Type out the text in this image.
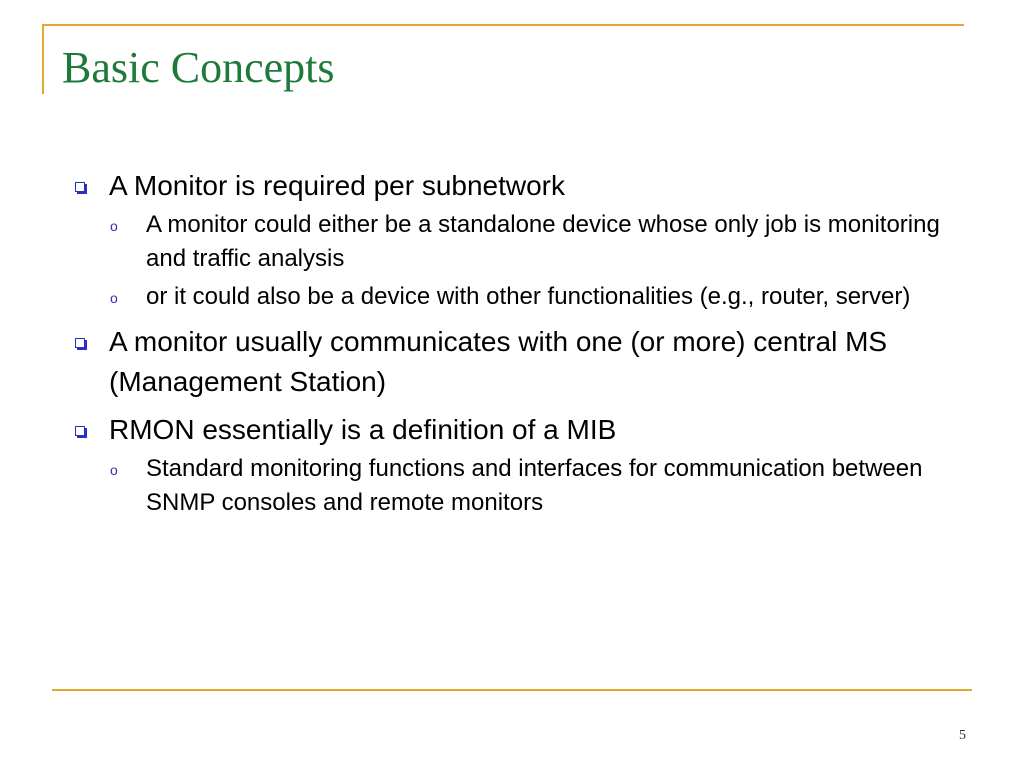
Basic Concepts
A Monitor is required per subnetwork
o A monitor could either be a standalone device whose only job is monitoring and traffic analysis
o or it could also be a device with other functionalities (e.g., router, server)
A monitor usually communicates with one (or more) central MS (Management Station)
RMON essentially is a definition of a MIB
o Standard monitoring functions and interfaces for communication between SNMP consoles and remote monitors
5
